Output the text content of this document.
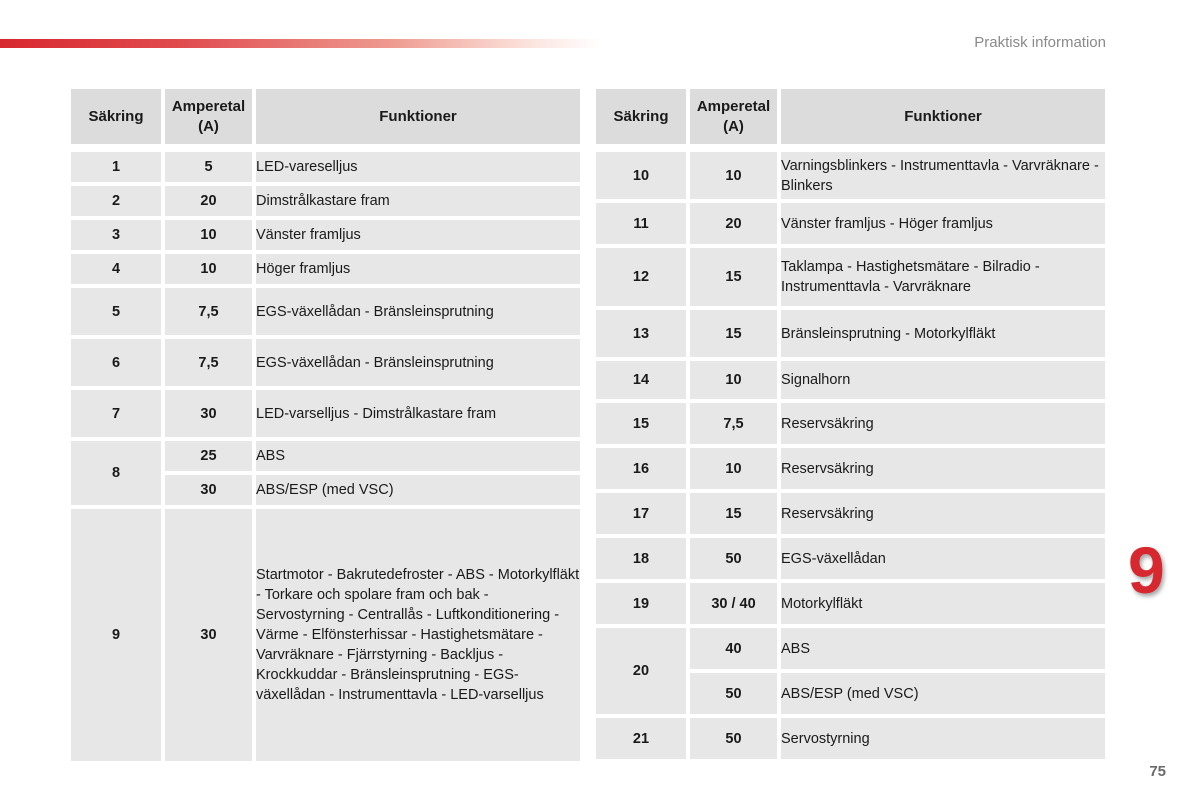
Praktisk information
Säkring	Amperetal (A)	Funktioner

1	5	LED-vareselljus
2	20	Dimstrålkastare fram
3	10	Vänster framljus
4	10	Höger framljus
5	7,5	EGS-växellådan - Bränsleinsprutning
6	7,5	EGS-växellådan - Bränsleinsprutning
7	30	LED-varselljus - Dimstrålkastare fram
8	25	ABS
	30	ABS/ESP (med VSC)
9	30	Startmotor - Bakrutedefroster - ABS - Motorkylfläkt - Torkare och spolare fram och bak - Servostyrning - Centrallås - Luftkonditionering - Värme - Elfönsterhissar - Hastighetsmätare - Varvräknare - Fjärrstyrning - Backljus - Krockkuddar - Bränsleinsprutning - EGS-växellådan - Instrumenttavla - LED-varselljus
Säkring	Amperetal (A)	Funktioner

10	10	Varningsblinkers - Instrumenttavla - Varvräknare - Blinkers
11	20	Vänster framljus - Höger framljus
12	15	Taklampa - Hastighetsmätare - Bilradio - Instrumenttavla - Varvräknare
13	15	Bränsleinsprutning - Motorkylfläkt
14	10	Signalhorn
15	7,5	Reservsäkring
16	10	Reservsäkring
17	15	Reservsäkring
18	50	EGS-växellådan
19	30 / 40	Motorkylfläkt
20	40	ABS
	50	ABS/ESP (med VSC)
21	50	Servostyrning
9
75
